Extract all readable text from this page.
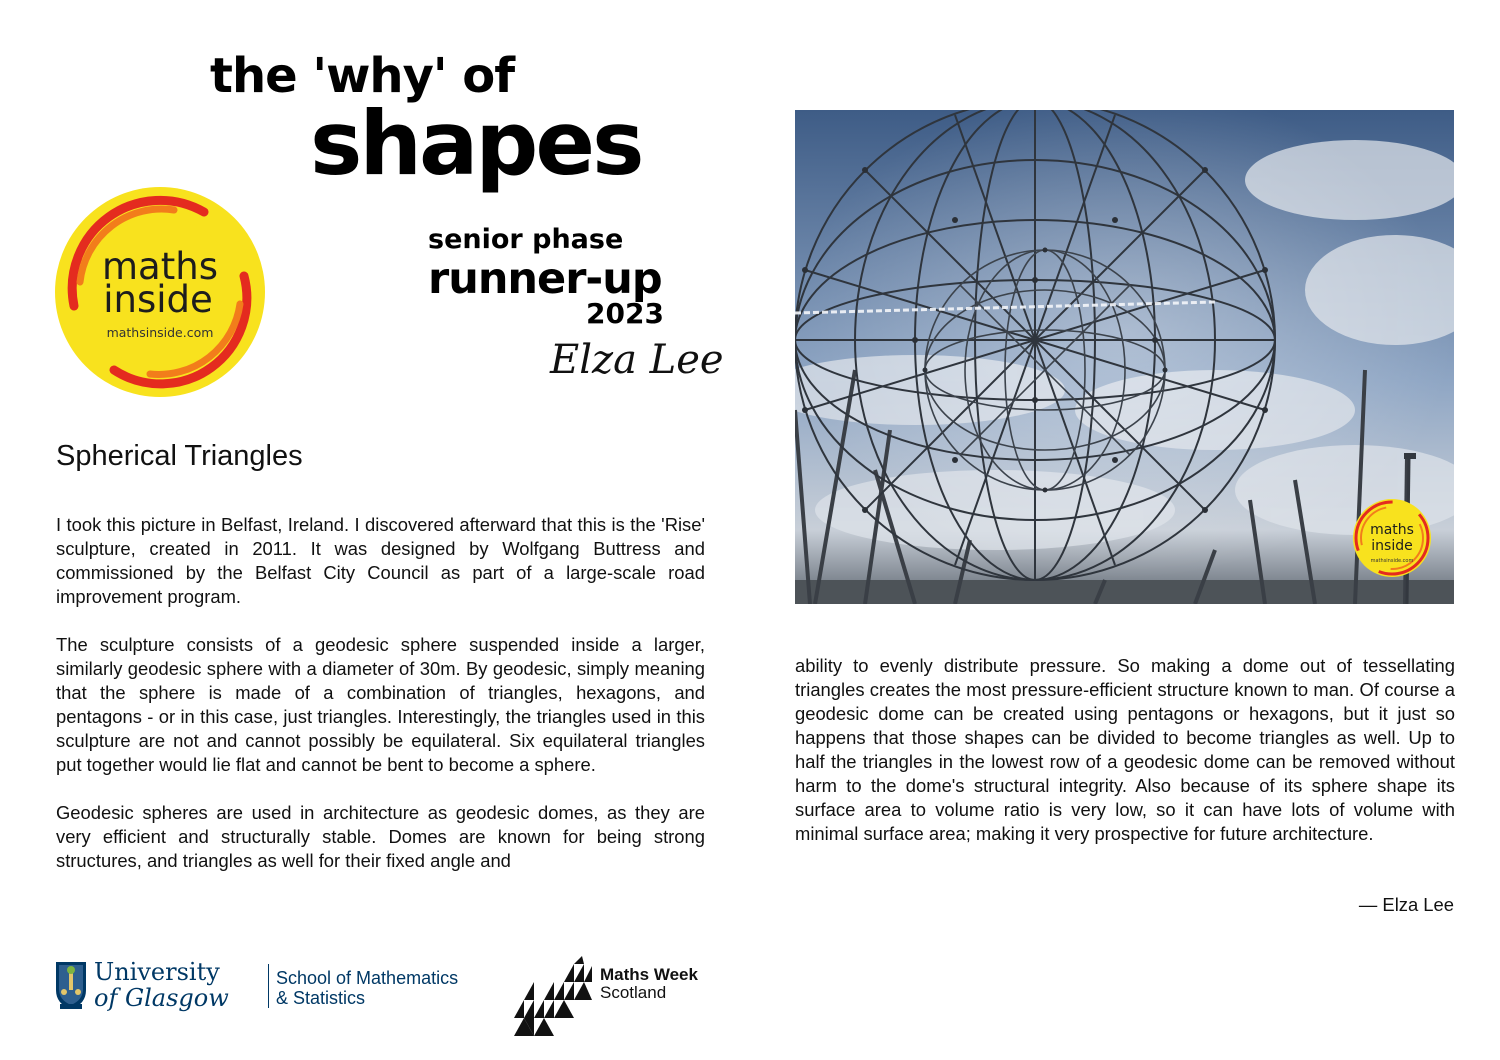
the 'why' of
shapes
senior phase
runner-up
2023
Elza Lee
maths
inside
mathsinside.com
Spherical Triangles

I took this picture in Belfast, Ireland. I discovered afterward that this is the 'Rise' sculpture, created in 2011. It was designed by Wolfgang Buttress and commissioned by the Belfast City Council as part of a large-scale road improvement program.

The sculpture consists of a geodesic sphere suspended inside a larger, similarly geodesic sphere with a diameter of 30m. By geodesic, simply meaning that the sphere is made of a combination of triangles, hexagons, and pentagons - or in this case, just triangles. Interestingly, the triangles used in this sculpture are not and cannot possibly be equilateral. Six equilateral triangles put together would lie flat and cannot be bent to become a sphere.

Geodesic spheres are used in architecture as geodesic domes, as they are very efficient and structurally stable. Domes are known for being strong structures, and triangles as well for their fixed angle and

ability to evenly distribute pressure. So making a dome out of tessellating triangles creates the most pressure-efficient structure known to man. Of course a geodesic dome can be created using pentagons or hexagons, but it just so happens that those shapes can be divided to become triangles as well. Up to half the triangles in the lowest row of a geodesic dome can be removed without harm to the dome's structural integrity. Also because of its sphere shape its surface area to volume ratio is very low, so it can have lots of volume with minimal surface area; making it very prospective for future architecture.

— Elza Lee
maths
inside
mathsinside.com
University
of Glasgow
School of Mathematics
& Statistics
Maths Week
Scotland
